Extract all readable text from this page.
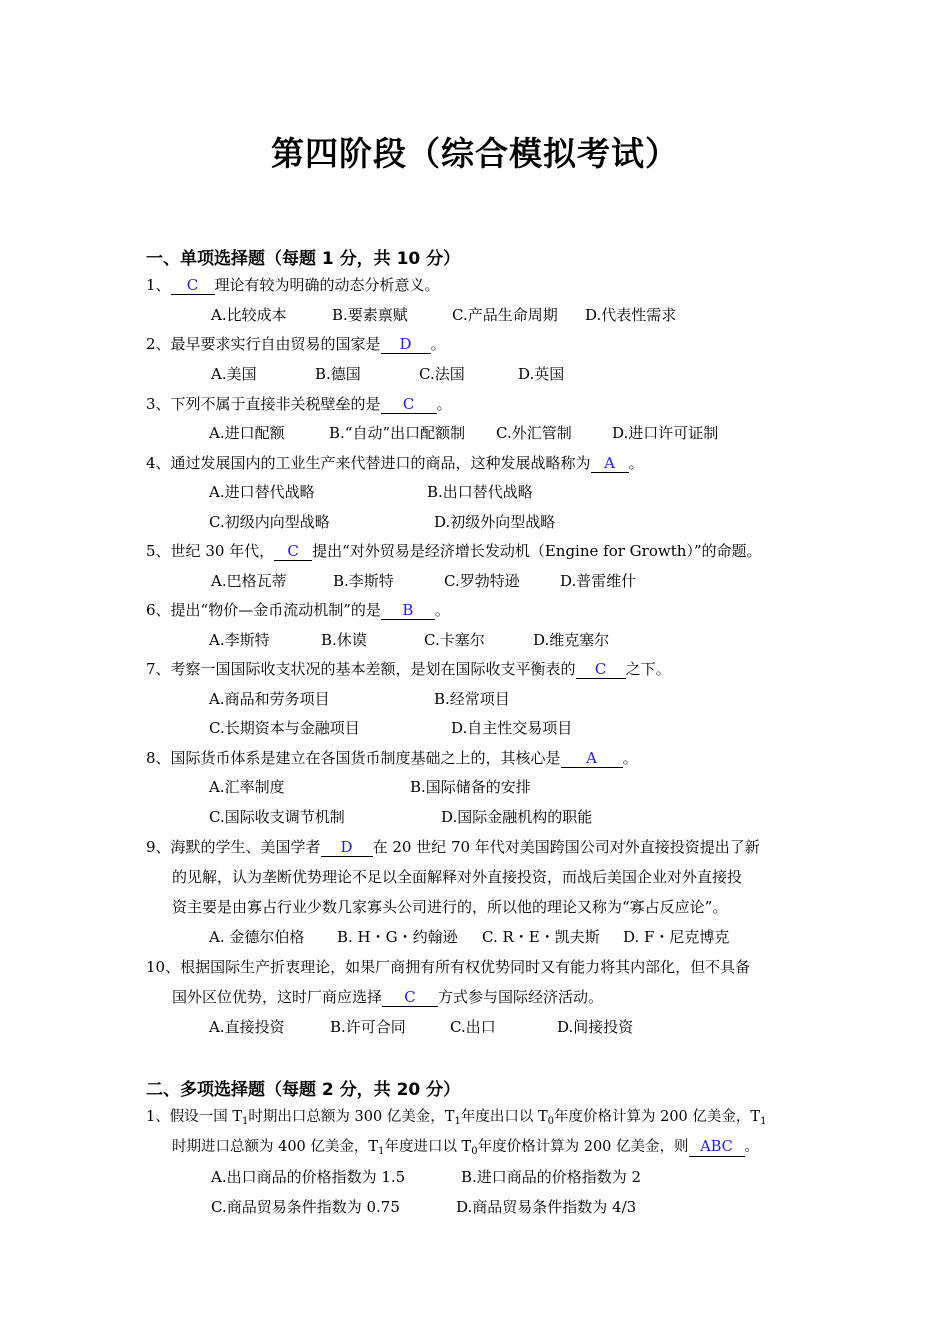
第四阶段（综合模拟考试）
一、单项选择题（每题 1 分，共 10 分）
1、 C 理论有较为明确的动态分析意义。
A.比较成本	B.要素禀赋	C.产品生命周期 D.代表性需求
2、最早要求实行自由贸易的国家是 D 。
A.美国	B.德国	C.法国	D.英国
3、下列不属于直接非关税壁垒的是 C 。
A.进口配额	B.“自动”出口配额制 C.外汇管制	D.进口许可证制
4、通过发展国内的工业生产来代替进口的商品，这种发展战略称为 A 。
A.进口替代战略	B.出口替代战略
C.初级内向型战略	D.初级外向型战略
5、世纪 30 年代， C 提出“对外贸易是经济增长发动机（Engine for Growth）”的命题。
A.巴格瓦蒂	B.李斯特	C.罗勃特逊	D.普雷维什
6、提出“物价—金币流动机制”的是 B 。
A.李斯特	B.休谟	C.卡塞尔	D.维克塞尔
7、考察一国国际收支状况的基本差额，是划在国际收支平衡表的 C 之下。
A.商品和劳务项目	B.经常项目
C.长期资本与金融项目	D.自主性交易项目
8、国际货币体系是建立在各国货币制度基础之上的，其核心是 A 。
A.汇率制度	B.国际储备的安排
C.国际收支调节机制	D.国际金融机构的职能
9、海默的学生、美国学者 D 在 20 世纪 70 年代对美国跨国公司对外直接投资提出了新
的见解，认为垄断优势理论不足以全面解释对外直接投资，而战后美国企业对外直接投
资主要是由寡占行业少数几家寡头公司进行的，所以他的理论又称为“寡占反应论”。
A. 金德尔伯格 B. H・G・约翰逊 C. R・E・凯夫斯 D. F・尼克博克
10、根据国际生产折衷理论，如果厂商拥有所有权优势同时又有能力将其内部化，但不具备
国外区位优势，这时厂商应选择 C 方式参与国际经济活动。
A.直接投资	B.许可合同	C.出口	D.间接投资
二、多项选择题（每题 2 分，共 20 分）
1、假设一国 $T_1$时期出口总额为 300 亿美金，$T_1$年度出口以 $T_0$年度价格计算为 200 亿美金，$T_1$
时期进口总额为 400 亿美金，$T_1$年度进口以 $T_0$年度价格计算为 200 亿美金，则 ABC 。
A.出口商品的价格指数为 1.5	B.进口商品的价格指数为 2
C.商品贸易条件指数为 0.75	D.商品贸易条件指数为 4/3
